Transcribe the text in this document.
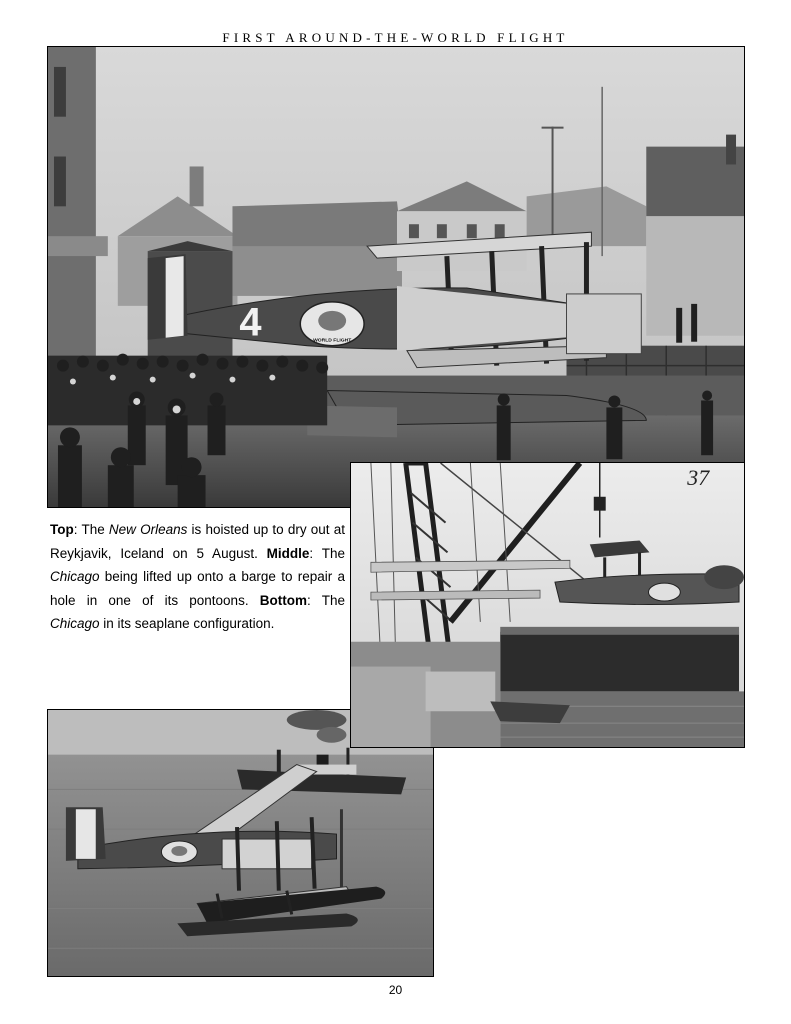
FIRST AROUND-THE-WORLD FLIGHT
4	WORLD FLIGHT
37

Top: The New Orleans is hoisted up to dry out at Reykjavik, Iceland on 5 August. Middle: The Chicago being lifted up onto a barge to repair a hole in one of its pontoons. Bottom: The Chicago in its seaplane configuration.

20
